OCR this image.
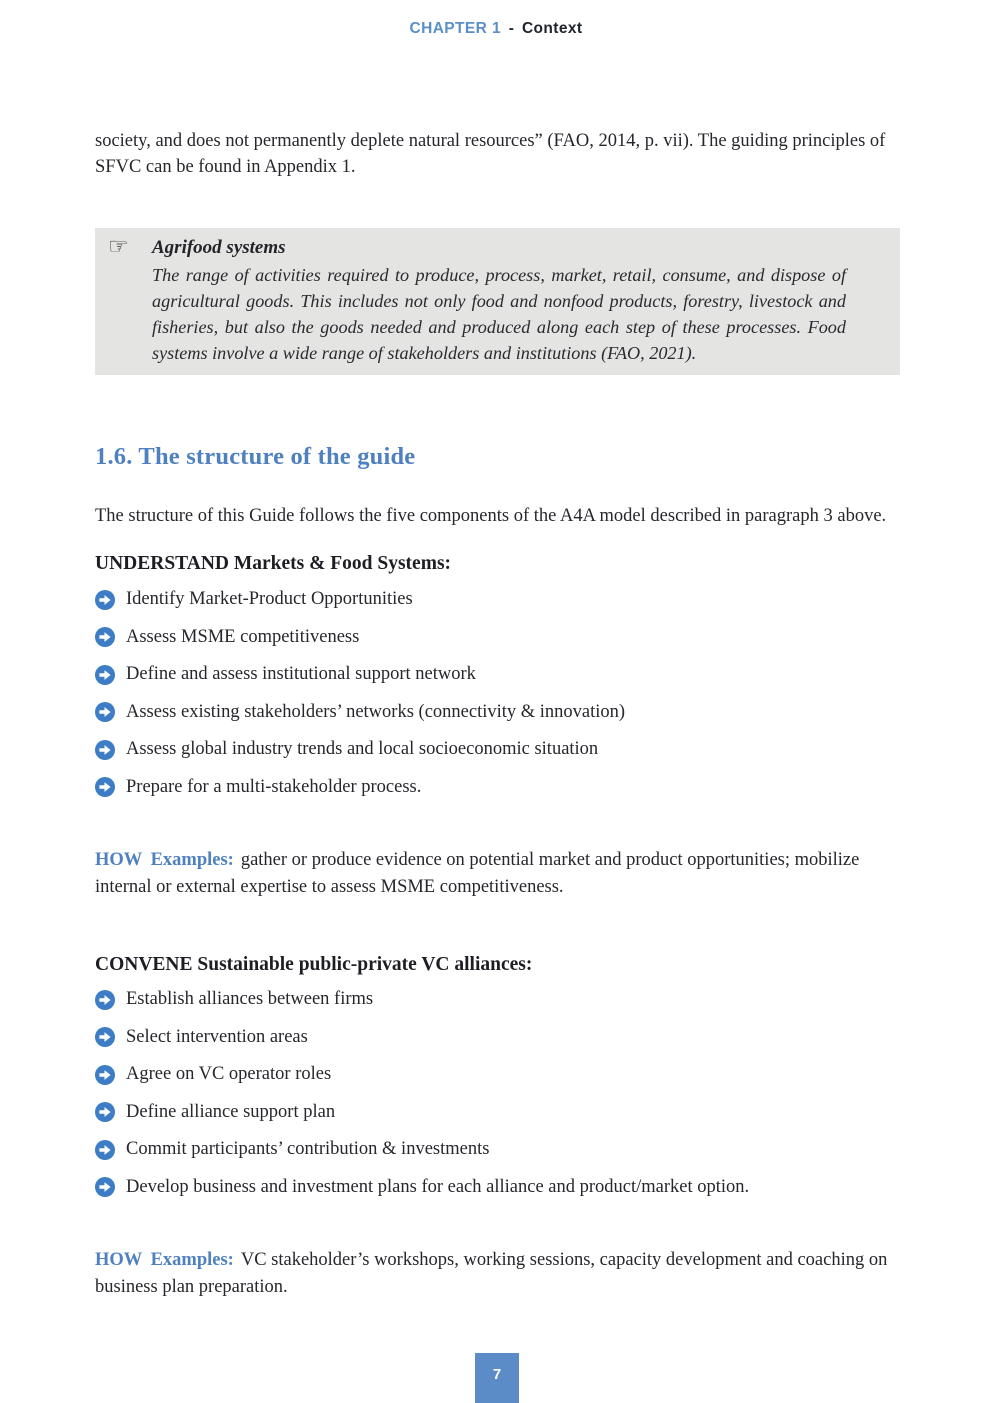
CHAPTER 1 - Context

society, and does not permanently deplete natural resources” (FAO, 2014, p. vii). The guiding principles of SFVC can be found in Appendix 1.

☞ Agrifood systems
The range of activities required to produce, process, market, retail, consume, and dispose of agricultural goods. This includes not only food and nonfood products, forestry, livestock and fisheries, but also the goods needed and produced along each step of these processes. Food systems involve a wide range of stakeholders and institutions (FAO, 2021).
1.6. The structure of the guide

The structure of this Guide follows the five components of the A4A model described in paragraph 3 above.

UNDERSTAND Markets & Food Systems:
Identify Market-Product Opportunities
Assess MSME competitiveness
Define and assess institutional support network
Assess existing stakeholders’ networks (connectivity & innovation)
Assess global industry trends and local socioeconomic situation
Prepare for a multi-stakeholder process.

HOW Examples: gather or produce evidence on potential market and product opportunities; mobilize internal or external expertise to assess MSME competitiveness.

CONVENE Sustainable public-private VC alliances:
Establish alliances between firms
Select intervention areas
Agree on VC operator roles
Define alliance support plan
Commit participants’ contribution & investments
Develop business and investment plans for each alliance and product/market option.

HOW Examples: VC stakeholder’s workshops, working sessions, capacity development and coaching on business plan preparation.

7
